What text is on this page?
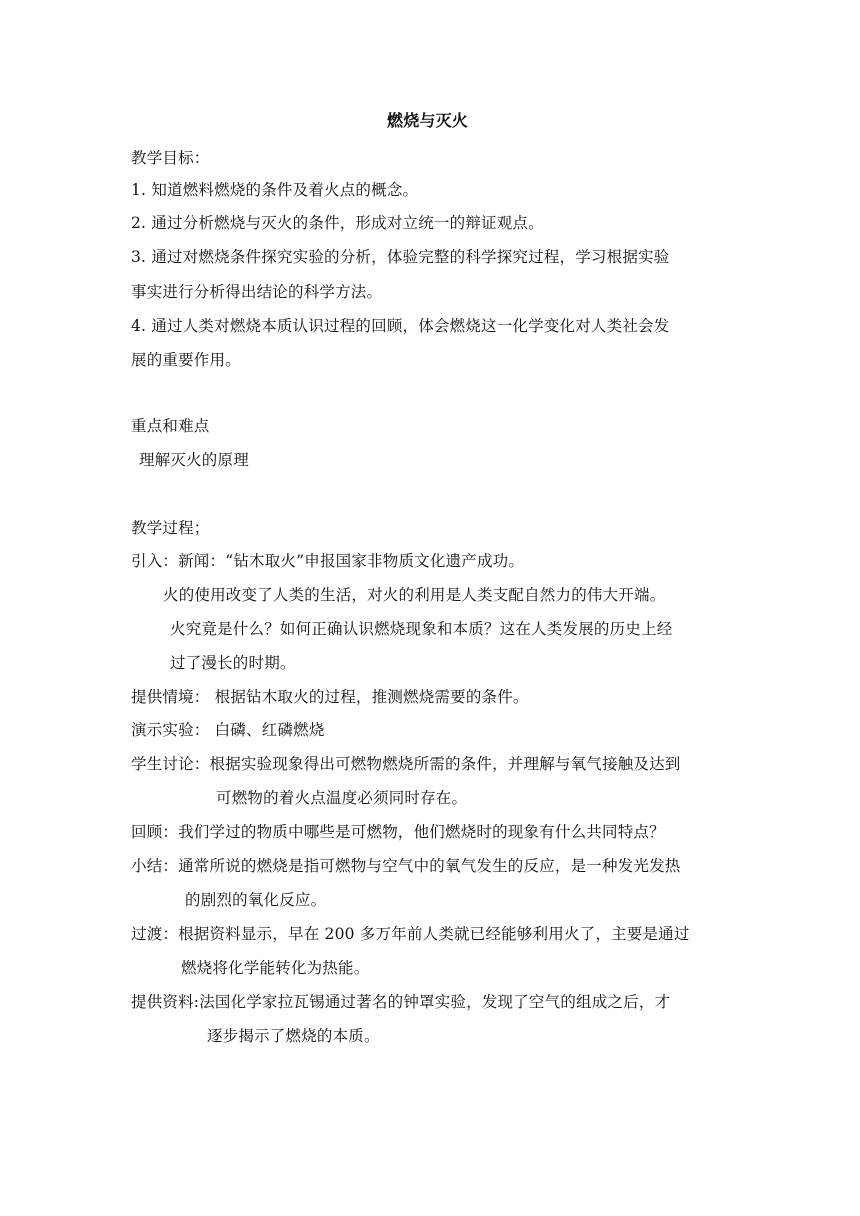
燃烧与灭火
教学目标：
1. 知道燃料燃烧的条件及着火点的概念。
2. 通过分析燃烧与灭火的条件，形成对立统一的辩证观点。
3. 通过对燃烧条件探究实验的分析，体验完整的科学探究过程，学习根据实验
事实进行分析得出结论的科学方法。
4. 通过人类对燃烧本质认识过程的回顾，体会燃烧这一化学变化对人类社会发
展的重要作用。
重点和难点
理解灭火的原理
教学过程；
引入：新闻：“钻木取火”申报国家非物质文化遗产成功。
火的使用改变了人类的生活，对火的利用是人类支配自然力的伟大开端。
火究竟是什么？如何正确认识燃烧现象和本质？这在人类发展的历史上经
过了漫长的时期。
提供情境： 根据钻木取火的过程，推测燃烧需要的条件。
演示实验： 白磷、红磷燃烧
学生讨论：根据实验现象得出可燃物燃烧所需的条件，并理解与氧气接触及达到
可燃物的着火点温度必须同时存在。
回顾：我们学过的物质中哪些是可燃物，他们燃烧时的现象有什么共同特点？
小结：通常所说的燃烧是指可燃物与空气中的氧气发生的反应，是一种发光发热
的剧烈的氧化反应。
过渡：根据资料显示，早在 200 多万年前人类就已经能够利用火了，主要是通过
燃烧将化学能转化为热能。
提供资料:法国化学家拉瓦锡通过著名的钟罩实验，发现了空气的组成之后，才
逐步揭示了燃烧的本质。
